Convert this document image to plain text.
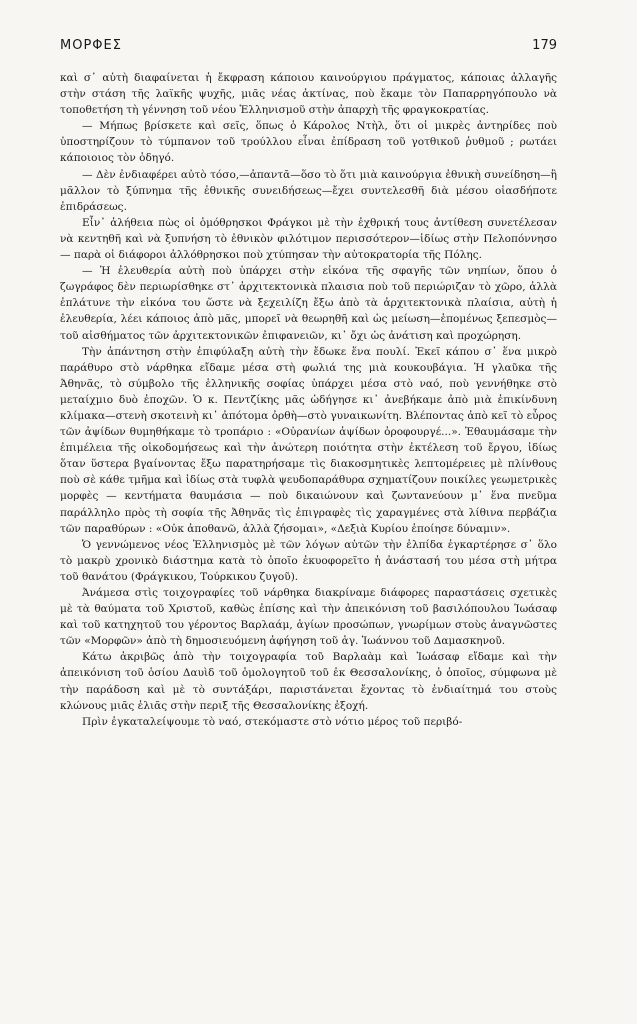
ΜΟΡΦΕΣ	179

καὶ σ᾿ αὐτὴ διαφαίνεται ἡ ἔκφραση κάποιου καινούργιου πράγματος, κάποιας ἀλλαγῆς στὴν στάση τῆς λαϊκῆς ψυχῆς, μιᾶς νέας ἀκτίνας, ποὺ ἔκαμε τὸν Παπαρρηγόπουλο νὰ τοποθετήση τὴ γέννηση τοῦ νέου Ἑλληνισμοῦ στὴν ἀπαρχὴ τῆς φραγκοκρατίας.

— Μήπως βρίσκετε καὶ σεῖς, ὅπως ὁ Κάρολος Ντὴλ, ὅτι οἱ μικρὲς ἀντηρίδες ποὺ ὑποστηρίζουν τὸ τύμπανον τοῦ τρούλλου εἶναι ἐπίδραση τοῦ γοτθικοῦ ῥυθμοῦ ; ρωτάει κάποιοιος τὸν ὁδηγό.

— Δὲν ἐνδιαφέρει αὐτὸ τόσο,—ἀπαντᾶ—ὅσο τὸ ὅτι μιὰ καινούργια ἐθνικὴ συνείδηση—ἢ μᾶλλον τὸ ξύπνημα τῆς ἐθνικῆς συνειδήσεως—ἔχει συντελεσθῆ διὰ μέσου οἱασδήποτε ἐπιδράσεως.

Εἶν᾿ ἀλήθεια πὼς οἱ ὁμόθρησκοι Φράγκοι μὲ τὴν ἐχθρική τους ἀντίθεση συνετέλεσαν νὰ κεντηθῆ καὶ νὰ ξυπνήση τὸ ἐθνικὸν φιλότιμον περισσότερον—ἰδίως στὴν Πελοπόννησο — παρὰ οἱ διάφοροι ἀλλόθρησκοι ποὺ χτύπησαν τὴν αὐτοκρατορία τῆς Πόλης.

— Ἡ ἐλευθερία αὐτὴ ποὺ ὑπάρχει στὴν εἰκόνα τῆς σφαγῆς τῶν νηπίων, ὅπου ὁ ζωγράφος δὲν περιωρίσθηκε στ᾿ ἀρχιτεκτονικὰ πλαισια ποὺ τοῦ περιώριζαν τὸ χῶρο, ἀλλὰ ἐπλάτυνε τὴν εἰκόνα του ὥστε νὰ ξεχειλίζη ἔξω ἀπὸ τὰ ἀρχιτεκτονικὰ πλαίσια, αὐτὴ ἡ ἐλευθερία, λέει κάποιος ἀπὸ μᾶς, μπορεῖ νὰ θεωρηθῆ καὶ ὡς μείωση—ἑπομένως ξεπεσμὸς—τοῦ αἰσθήματος τῶν ἀρχιτεκτονικῶν ἐπιφανειῶν, κι᾿ ὄχι ὡς ἀνάτιση καὶ προχώρηση.

Τὴν ἀπάντηση στὴν ἐπιφύλαξη αὐτὴ τὴν ἔδωκε ἕνα πουλί. Ἐκεῖ κάπου σ᾿ ἕνα μικρὸ παράθυρο στὸ νάρθηκα εἴδαμε μέσα στὴ φωλιά της μιὰ κουκουβάγια. Ἡ γλαῦκα τῆς Ἀθηνᾶς, τὸ σύμβολο τῆς ἑλληνικῆς σοφίας ὑπάρχει μέσα στὸ ναό, ποὺ γεννήθηκε στὸ μεταίχμιο δυὸ ἐποχῶν. Ὁ κ. Πεντζίκης μᾶς ὡδήγησε κι᾿ ἀνεβήκαμε ἀπὸ μιὰ ἐπικίνδυνη κλίμακα—στενὴ σκοτεινὴ κι᾿ ἀπότομα ὀρθὴ—στὸ γυναικωνίτη. Βλέποντας ἀπὸ κεῖ τὸ εὖρος τῶν ἀψίδων θυμηθήκαμε τὸ τροπάριο : «Οὐρανίων ἀψίδων ὀροφουργέ...». Ἐθαυμάσαμε τὴν ἐπιμέλεια τῆς οἰκοδομήσεως καὶ τὴν ἀνώτερη ποιότητα στὴν ἐκτέλεση τοῦ ἔργου, ἰδίως ὅταν ὕστερα βγαίνοντας ἔξω παρατηρήσαμε τὶς διακοσμητικὲς λεπτομέρειες μὲ πλίνθους ποὺ σὲ κάθε τμῆμα καὶ ἰδίως στὰ τυφλὰ ψευδοπαράθυρα σχηματίζουν ποικίλες γεωμετρικὲς μορφὲς — κεντήματα θαυμάσια — ποὺ δικαιώνουν καὶ ζωντανεύουν μ᾿ ἕνα πνεῦμα παράλληλο πρὸς τὴ σοφία τῆς Ἀθηνᾶς τὶς ἐπιγραφὲς τὶς χαραγμένες στὰ λίθινα περβάζια τῶν παραθύρων : «Οὐκ ἀποθανῶ, ἀλλὰ ζήσομαι», «Δεξιὰ Κυρίου ἐποίησε δύναμιν».

Ὁ γεννώμενος νέος Ἑλληνισμὸς μὲ τῶν λόγων αὐτῶν τὴν ἐλπίδα ἐγκαρτέρησε σ᾿ ὅλο τὸ μακρὺ χρονικὸ διάστημα κατὰ τὸ ὁποῖο ἐκυοφορεῖτο ἡ ἀνάστασή του μέσα στὴ μήτρα τοῦ θανάτου (Φράγκικου, Τούρκικου ζυγοῦ).

Ἀνάμεσα στὶς τοιχογραφίες τοῦ νάρθηκα διακρίναμε διάφορες παραστάσεις σχετικὲς μὲ τὰ θαύματα τοῦ Χριστοῦ, καθὼς ἐπίσης καὶ τὴν ἀπεικόνιση τοῦ βασιλόπουλου Ἰωάσαφ καὶ τοῦ κατηχητοῦ του γέροντος Βαρλαάμ, ἁγίων προσώπων, γνωρίμων στοὺς ἀναγνῶστες τῶν «Μορφῶν» ἀπὸ τὴ δημοσιευόμενη ἀφήγηση τοῦ ἁγ. Ἰωάννου τοῦ Δαμασκηνοῦ.

Κάτω ἀκριβῶς ἀπὸ τὴν τοιχογραφία τοῦ Βαρλαὰμ καὶ Ἰωάσαφ εἴδαμε καὶ τὴν ἀπεικόνιση τοῦ ὁσίου Δαυὶδ τοῦ ὁμολογητοῦ τοῦ ἐκ Θεσσαλονίκης, ὁ ὁποῖος, σύμφωνα μὲ τὴν παράδοση καὶ μὲ τὸ συντάξάρι, παριστάνεται ἔχοντας τὸ ἐνδιαίτημά του στοὺς κλώνους μιᾶς ἐλιᾶς στὴν περιξ τῆς Θεσσαλονίκης ἐξοχή.

Πρὶν ἐγκαταλείψουμε τὸ ναό, στεκόμαστε στὸ νότιο μέρος τοῦ περιβό-
